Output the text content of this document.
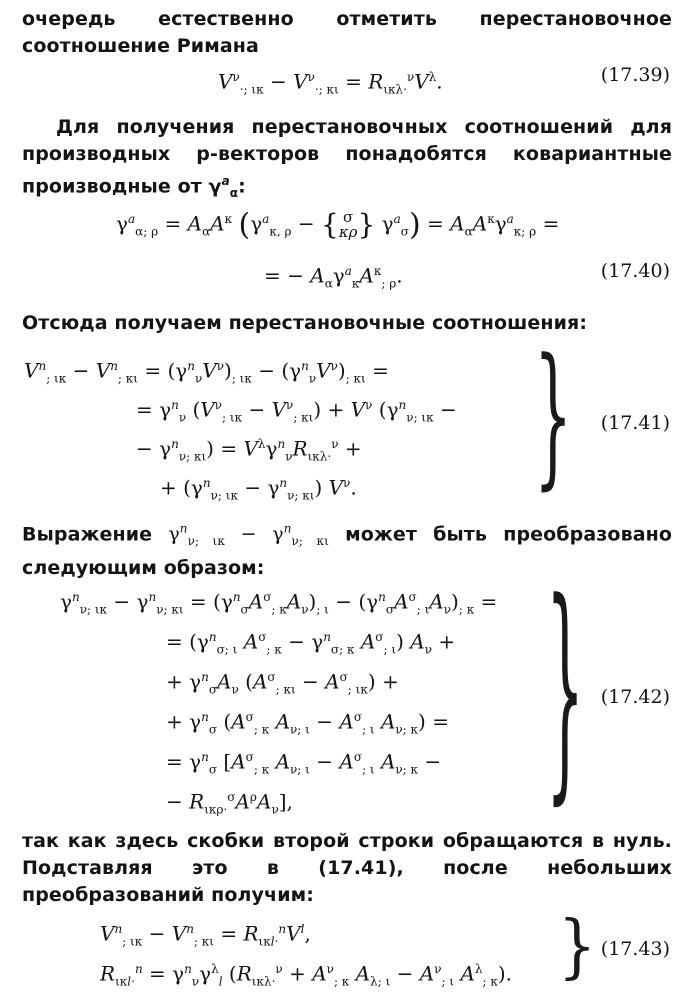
очередь естественно отметить перестановочное соотношение Римана
$V^\nu_{\cdot; \iota\kappa} - V^\nu_{\cdot; \kappa\iota} = R_{\iota\kappa\lambda\cdot}^\nu V^\lambda$.	(17.39)
Для получения перестановочных соотношений для производных p-векторов понадобятся ковариантные производные от $\gamma^a_\alpha$:
$\gamma^a_{\alpha; \rho} = A_\alpha A^\kappa$ ($\gamma^a_{\kappa, \rho}$ − { σ
κρ} $\gamma^a_\sigma) = A_\alpha A^\kappa\gamma^a_{\kappa; \rho}$ =
= − $A_\alpha\gamma^a_\kappa A^\kappa_{; \rho}$.	(17.40)
Отсюда получаем перестановочные соотношения:
$V^n_{; \iota\kappa} - V^n_{; \kappa\iota} = (\gamma^n_\nu V^\nu)_{; \iota\kappa} - (\gamma^n_\nu V^\nu)_{; \kappa\iota}$ =
= $\gamma^n_\nu$ $(V^\nu_{; \iota\kappa} - V^\nu_{; \kappa\iota}) + V^\nu$ ($\gamma^n_{\nu; \iota\kappa}$ −
− $\gamma^n_{\nu; \kappa\iota}) = V^\lambda\gamma^n_\nu R_{\iota\kappa\lambda\cdot}^\nu$ +
+ $(\gamma^n_{\nu; \iota\kappa} - \gamma^n_{\nu; \kappa\iota})$ $V^\nu$.	} (17.41)
Выражение $\gamma^n_{\nu; \iota\kappa} - \gamma^n_{\nu; \kappa\iota}$ может быть преобразовано следующим образом:
$\gamma^n_{\nu; \iota\kappa} - \gamma^n_{\nu; \kappa\iota} = (\gamma^n_\sigma A^\sigma_{; \kappa}A_\nu)_{; \iota} - (\gamma^n_\sigma A^\sigma_{; \iota}A_\nu)_{; \kappa}$ =
= ($\gamma^n_{\sigma; \iota}$ $A^\sigma_{; \kappa} - \gamma^n_{\sigma; \kappa}$ $A^\sigma_{; \iota}$) $A_\nu$ +
+ $\gamma^n_\sigma A_\nu$ $(A^\sigma_{; \kappa\iota} - A^\sigma_{; \iota\kappa})$ +
+ $\gamma^n_\sigma$ ($A^\sigma_{; \kappa}$ $A_{\nu; \iota} - A^\sigma_{; \iota}$ $A_{\nu; \kappa}$) =
= $\gamma^n_\sigma$ [$A^\sigma_{; \kappa}$ $A_{\nu; \iota} - A^\sigma_{; \iota}$ $A_{\nu; \kappa}$ −
− $R_{\iota\kappa\rho\cdot}^\sigma A^\rho A_\nu$],	} (17.42)
так как здесь скобки второй строки обращаются в нуль. Подставляя это в (17.41), после небольших преобразований получим:
$V^n_{; \iota\kappa} - V^n_{; \kappa\iota} = R_{\iota\kappa l\cdot}^nV^l$,
$R_{\iota\kappa l\cdot}^n = \gamma^n_\nu\gamma^\lambda_l$ ($R_{\iota\kappa\lambda\cdot}^\nu + A^\nu_{; \kappa}$ $A_{\lambda; \iota} - A^\nu_{; \iota}$ $A^\lambda_{; \kappa}$). } (17.43)
